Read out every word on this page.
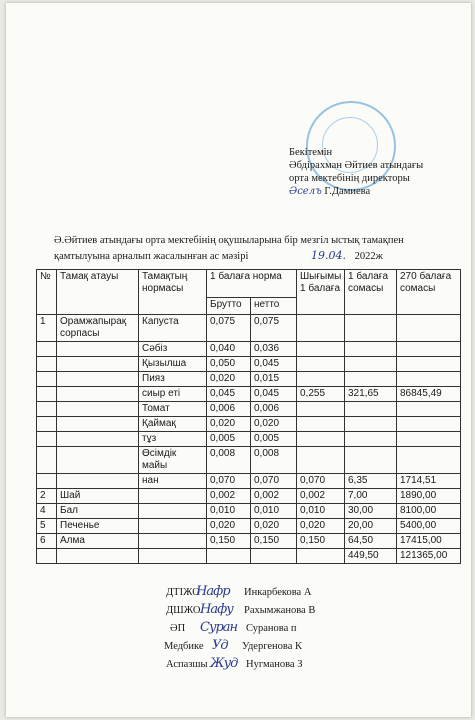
Бекітемін
Әбдірахман Әйтиев атындағы
орта мектебінің директоры
Әселъ Г.Дамиева
Ә.Әйтиев атындағы орта мектебінің оқушыларына бір мезгіл ыстық тамақпен
қамтылуына арналып жасалынған ас мәзірі	19.04. 2022ж
№	Тамақ атауы	Тамақтың нормасы	1 балаға норма		Шығымы 1 балаға	1 балаға сомасы	270 балаға сомасы
			Брутто	нетто			
1	Орамжапырақ сорпасы	Капуста	0,075	0,075			
		Сәбіз	0,040	0,036			
		Қызылша	0,050	0,045			
		Пияз	0,020	0,015			
		сиыр еті	0,045	0,045	0,255	321,65	86845,49
		Томат	0,006	0,006			
		Қаймақ	0,020	0,020			
		тұз	0,005	0,005			
		Өсімдік майы	0,008	0,008			
		нан	0,070	0,070	0,070	6,35	1714,51
2	Шай		0,002	0,002	0,002	7,00	1890,00
4	Бал		0,010	0,010	0,010	30,00	8100,00
5	Печенье		0,020	0,020	0,020	20,00	5400,00
6	Алма		0,150	0,150	0,150	64,50	17415,00
						449,50	121365,00
ДТІЖО
Нафр Инкарбекова А
ДШЖО Нафу Рахымжанова В
ӘП Суран Суранова п
Медбике Уд Удергенова К
Аспазшы Жуд Нугманова З
